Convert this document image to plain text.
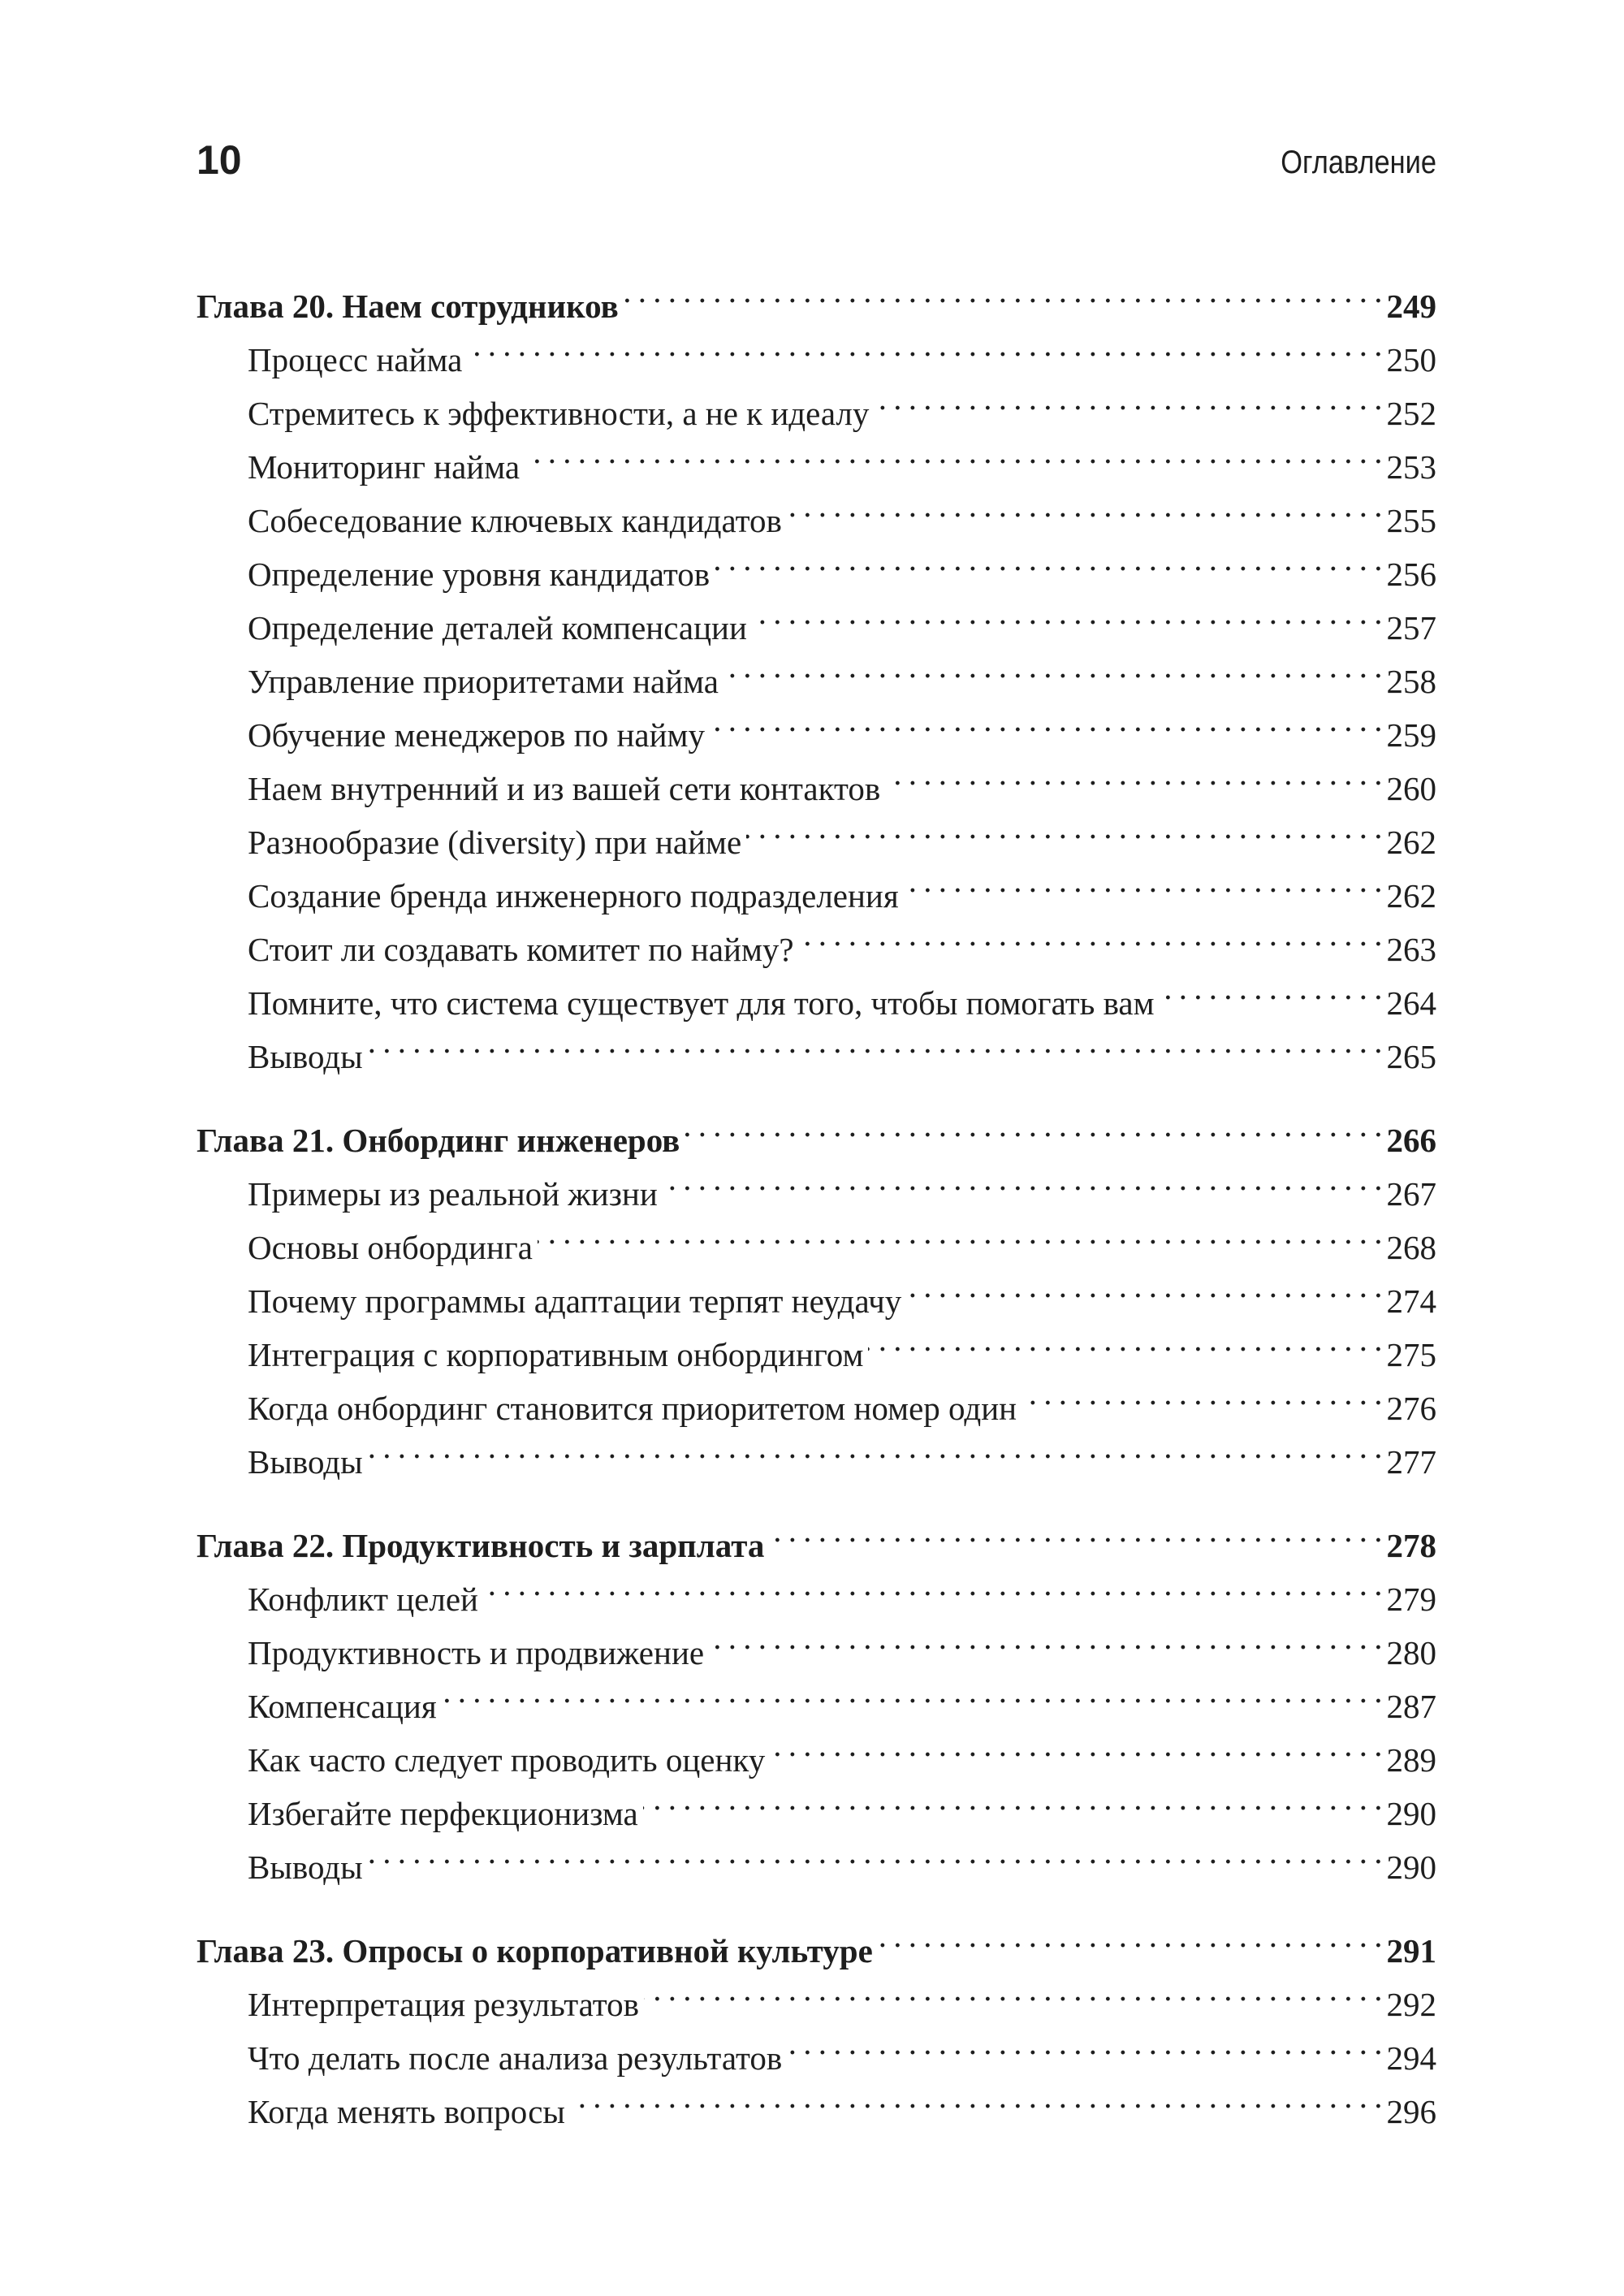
10	Оглавление
Глава 20. Наем сотрудников . . .	249
Процесс найма . . .	250
Стремитесь к эффективности, а не к идеалу . . .	252
Мониторинг найма . . .	253
Собеседование ключевых кандидатов . . .	255
Определение уровня кандидатов . . .	256
Определение деталей компенсации . . .	257
Управление приоритетами найма . . .	258
Обучение менеджеров по найму . . .	259
Наем внутренний и из вашей сети контактов . . .	260
Разнообразие (diversity) при найме . . .	262
Создание бренда инженерного подразделения . . .	262
Стоит ли создавать комитет по найму? . . .	263
Помните, что система существует для того, чтобы помогать вам . . .	264
Выводы . . .	265
Глава 21. Онбординг инженеров . . .	266
Примеры из реальной жизни . . .	267
Основы онбординга . . .	268
Почему программы адаптации терпят неудачу . . .	274
Интеграция с корпоративным онбордингом . . .	275
Когда онбординг становится приоритетом номер один . . .	276
Выводы . . .	277
Глава 22. Продуктивность и зарплата . . .	278
Конфликт целей . . .	279
Продуктивность и продвижение . . .	280
Компенсация . . .	287
Как часто следует проводить оценку . . .	289
Избегайте перфекционизма . . .	290
Выводы . . .	290
Глава 23. Опросы о корпоративной культуре . . .	291
Интерпретация результатов . . .	292
Что делать после анализа результатов . . .	294
Когда менять вопросы . . .	296
